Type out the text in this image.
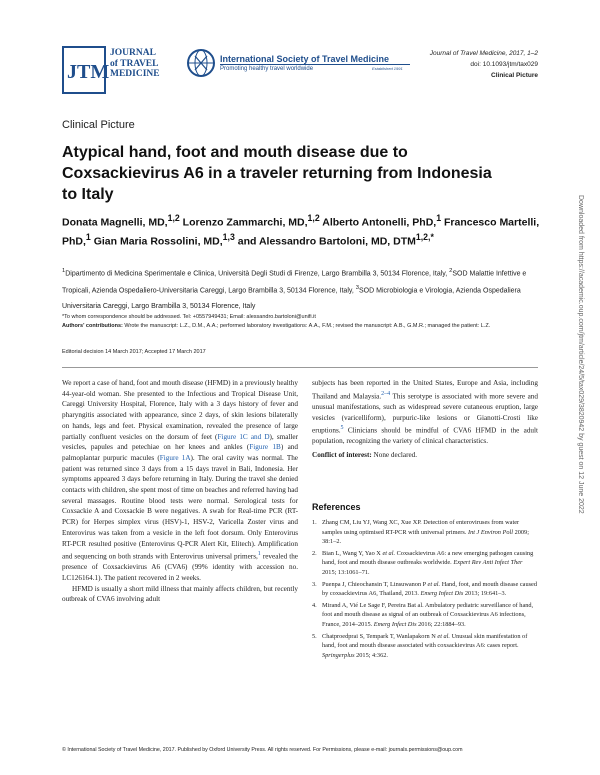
JTM
JOURNAL
of TRAVEL
MEDICINE
International Society of Travel Medicine
Promoting healthy travel worldwide	Established 1991
Journal of Travel Medicine, 2017, 1–2
doi: 10.1093/jtm/tax029
Clinical Picture
Clinical Picture
Atypical hand, foot and mouth disease due to Coxsackievirus A6 in a traveler returning from Indonesia to Italy
Donata Magnelli, MD,$^{1,2}$ Lorenzo Zammarchi, MD,$^{1,2}$ Alberto Antonelli, PhD,$^1$ Francesco Martelli, PhD,$^1$ Gian Maria Rossolini, MD,$^{1,3}$ and Alessandro Bartoloni, MD, $DTM^{1,2,*}$
$^1$Dipartimento di Medicina Sperimentale e Clinica, Università Degli Studi di Firenze, Largo Brambilla 3, 50134 Florence, Italy, $^2$SOD Malattie Infettive e Tropicali, Azienda Ospedaliero-Universitaria Careggi, Largo Brambilla 3, 50134 Florence, Italy, $^3$SOD Microbiologia e Virologia, Azienda Ospedaliera Universitaria Careggi, Largo Brambilla 3, 50134 Florence, Italy
*To whom correspondence should be addressed. Tel: +0557949431; Email: alessandro.bartoloni@unifi.it
Authors' contributions: Wrote the manuscript: L.Z., D.M., A.A.; performed laboratory investigations: A.A., F.M.; revised the manuscript: A.B., G.M.R.; managed the patient: L.Z.
Editorial decision 14 March 2017; Accepted 17 March 2017

We report a case of hand, foot and mouth disease (HFMD) in a previously healthy 44-year-old woman. She presented to the Infectious and Tropical Disease Unit, Careggi University Hospital, Florence, Italy with a 3 days history of fever and pharyngitis associated with appearance, since 2 days, of skin lesions bilaterally on hands, legs and feet. Physical examination, revealed the presence of large partially confluent vesicles on the dorsum of feet (Figure 1C and D), smaller vesicles, papules and petechiae on her knees and ankles (Figure 1B) and palmoplantar purpuric macules (Figure 1A). The oral cavity was normal. The patient was returned since 3 days from a 15 days travel in Bali, Indonesia. Her symptoms appeared 3 days before returning in Italy. During the travel she denied contacts with children, she spent most of time on beaches and referred having had several massages. Routine blood tests were normal. Serological tests for Coxsackie A and Coxsackie B were negatives. A swab for Real-time PCR (RT-PCR) for Herpes simplex virus (HSV)-1, HSV-2, Varicella Zoster virus and Enterovirus was taken from a vesicle in the left foot dorsum. Only Enterovirus RT-PCR resulted positive (Enterovirus Q-PCR Alert Kit, Elitech). Amplification and sequencing on both strands with Enterovirus universal primers,$^1$ revealed the presence of Coxsackievirus A6 (CVA6) (99% identity with accession no. LC126164.1). The patient recovered in 2 weeks.

HFMD is usually a short mild illness that mainly affects children, but recently outbreak of CVA6 involving adult

subjects has been reported in the United States, Europe and Asia, including Thailand and Malaysia.$^{2-4}$ This serotype is associated with more severe and unusual manifestations, such as widespread severe cutaneous eruption, large vesicles (varicelliform), purpuric-like lesions or Gianotti-Crosti like eruptions.$^5$ Clinicians should be mindful of CVA6 HFMD in the adult population, recognizing the variety of clinical characteristics.

Conflict of interest: None declared.

References
1. Zhang CM, Liu YJ, Wang XC, Xue XP. Detection of enteroviruses from water samples using optimised RT-PCR with universal primers. Int J Environ Poll 2009; 38:1–2.
2. Bian L, Wang Y, Yao X et al. Coxsackievirus A6: a new emerging pathogen causing hand, foot and mouth disease outbreaks worldwide. Expert Rev Anti Infect Ther 2015; 13:1061–71.
3. Puenpa J, Chieochansin T, Linsuwanon P et al. Hand, foot, and mouth disease caused by coxsackievirus A6, Thailand, 2013. Emerg Infect Dis 2013; 19:641–3.
4. Mirand A, Vié Le Sage F, Pereira Bat al. Ambulatory pediatric surveillance of hand, foot and mouth disease as signal of an outbreak of Coxsackievirus A6 infections, France, 2014–2015. Emerg Infect Dis 2016; 22:1884–93.
5. Chatproedprai S, Tempark T, Wanlapakorn N et al. Unusual skin manifestation of hand, foot and mouth disease associated with coxsackievirus A6: cases report. Springerplus 2015; 4:362.
Downloaded from https://academic.oup.com/jtm/article/24/5/tax029/3820942 by guest on 12 June 2022
© International Society of Travel Medicine, 2017. Published by Oxford University Press. All rights reserved. For Permissions, please e-mail: journals.permissions@oup.com
